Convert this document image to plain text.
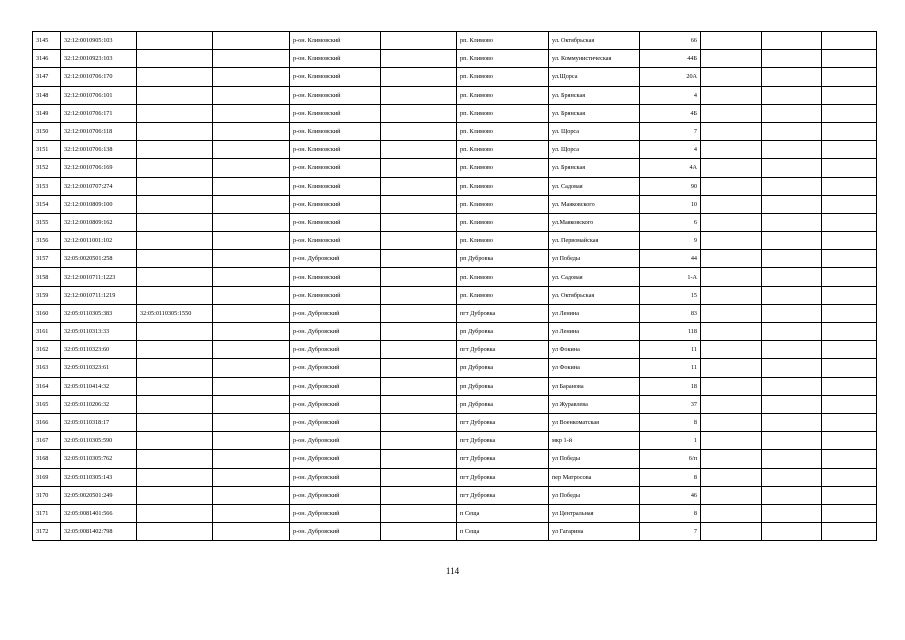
3145	32:12:0010905:103			р-он. Климовский		рп. Климово	ул. Октябрьская	66			
3146	32:12:0010923:103			р-он. Климовский		рп. Климово	ул. Коммунистическая	44Б			
3147	32:12:0010706:170			р-он. Климовский		рп. Климово	ул.Щорса	20А			
3148	32:12:0010706:101			р-он. Климовский		рп. Климово	ул. Брянская	4			
3149	32:12:0010706:171			р-он. Климовский		рп. Климово	ул. Брянская	4Б			
3150	32:12:0010706:118			р-он. Климовский		рп. Климово	ул. Щорса	7			
3151	32:12:0010706:138			р-он. Климовский		рп. Климово	ул. Щорса	4			
3152	32:12:0010706:169			р-он. Климовский		рп. Климово	ул. Брянская	4А			
3153	32:12:0010707:274			р-он. Климовский		рп. Климово	ул. Садовая	90			
3154	32:12:0010809:100			р-он. Климовский		рп. Климово	ул. Маяковского	10			
3155	32:12:0010809:162			р-он. Климовский		рп. Климово	ул.Маяковского	6			
3156	32:12:0011001:102			р-он. Климовский		рп. Климово	ул. Первомайская	9			
3157	32:05:0020501:258			р-он. Дубровский		рп Дубровка	ул Победы	44			
3158	32:12:0010711:1223			р-он. Климовский		рп. Климово	ул. Садовая	1-А			
3159	32:12:0010711:1219			р-он. Климовский		рп. Климово	ул. Октябрьская	15			
3160	32:05:0110305:383	32:05:0110305:1550		р-он. Дубровский		пгт Дубровка	ул Ленина	83			
3161	32:05:0110313:33			р-он. Дубровский		рп Дубровка	ул Ленина	118			
3162	32:05:0110323:60			р-он. Дубровский		пгт Дубровка	ул Фокина	11			
3163	32:05:0110323:61			р-он. Дубровский		рп Дубровка	ул Фокина	11			
3164	32:05:0110414:32			р-он. Дубровский		рп Дубровка	ул Баранова	18			
3165	32:05:0110206:32			р-он. Дубровский		рп Дубровка	ул Журавлева	37			
3166	32:05:0110318:17			р-он. Дубровский		пгт Дубровка	ул Военкоматская	8			
3167	32:05:0110305:590			р-он. Дубровский		пгт Дубровка	мкр 1-й	1			
3168	32:05:0110305:762			р-он. Дубровский		пгт Дубровка	ул Победы	6/п			
3169	32:05:0110305:143			р-он. Дубровский		пгт Дубровка	пер Матросова	8			
3170	32:05:0020501:249			р-он. Дубровский		пгт Дубровка	ул Победы	46			
3171	32:05:0081401:566			р-он. Дубровский		п Сеща	ул Центральная	8			
3172	32:05:0081402:798			р-он. Дубровский		п Сеща	ул Гагарина	7			
114
